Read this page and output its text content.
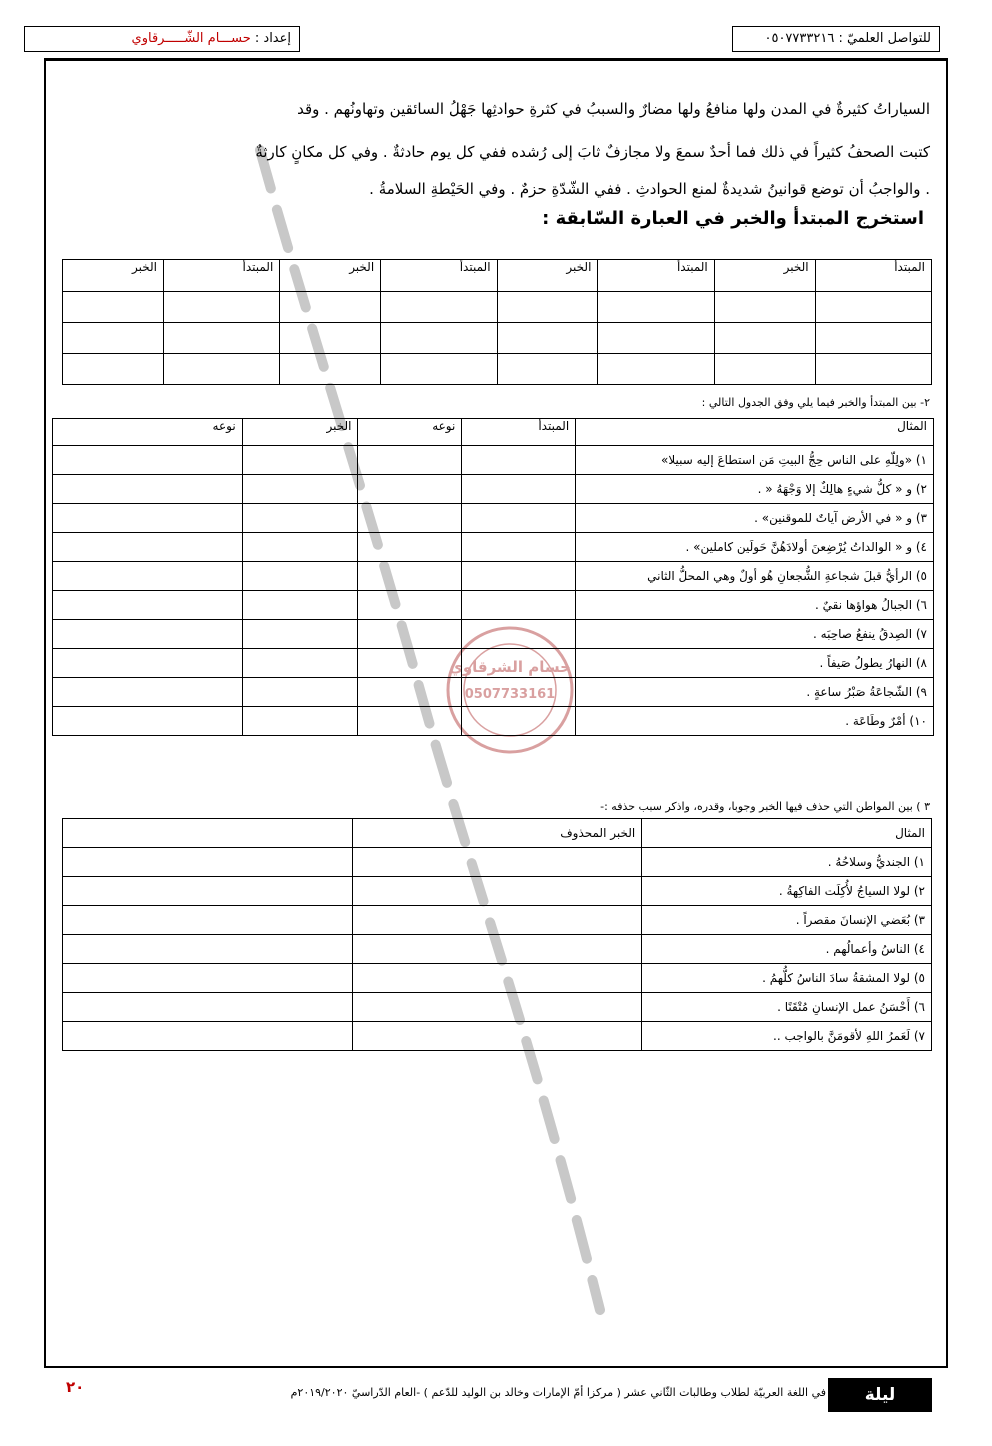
للتواصل العلميّ : ٠٥٠٧٧٣٣٢١٦
إعداد : حســـام الشّـــــرقاوي
حسام الشرقاوي
0507733161
السياراتُ كثيرةٌ في المدن ولها منافعُ ولها مضارٌ والسببُ في كثرةِ حوادثِها جَهْلُ السائقين وتهاونُهم . وقد
كتبت الصحفُ كثيراً في ذلك فما أحدٌ سمعَ ولا مجازفٌ ثابَ إلى رُشده ففي كل يوم حادثةٌ . وفي كل مكانٍ كارثةٌ
. والواجبُ أن توضع قوانينُ شديدةٌ لمنع الحوادثِ . ففي الشّدّةِ حزمٌ . وفي الحَيْطةِ السلامةُ .
استخرج المبتدأ والخبر في العبارة السّابقة :
المبتدأ	الخبر	المبتدأ	الخبر	المبتدأ	الخبر	المبتدأ	الخبر

٢- بين المبتدأ والخبر فيما يلي وفق الجدول التالي :
المثال	المبتدأ	نوعه	الخبر	نوعه
١) «ولِلّهِ على الناس حِجُّ البيتِ مَن استطاعَ إليه سبيلا»				
٢) و « كلُّ شيءٍ هالِكٌ إلا وَجْهَهُ « .				
٣) و « في الأرض آياتٌ للموقنين» .				
٤) و « الوالداتُ يُرْضِعنَ أولادَهُنَّ حَولَين كاملين» .				
٥) الرأيُّ قبلَ شجاعةِ الشُّجعانِ هُو أولٌ وهي المحلُّ الثاني				
٦) الجبالُ هواؤها نقيٌ .				
٧) الصِدقُ ينفعُ صاحِبَه .				
٨) النهارُ يطولُ صَيفاً .				
٩) الشّجاعَةُ صَبْرُ ساعةٍ .				
١٠) أمْرٌ وطَاعَة .				
٣ ) بين المواطن التي حذف فيها الخبر وجوبا، وقدره، واذكر سبب حذفه :-
المثال	الخبر المحذوف	
١) الجنديُّ وسلاحُهُ .		
٢) لولا السياجُ لأُكِلَت الفاكِهةُ .		
٣) بُعَضي الإنسانَ مقصراً .		
٤) الناسُ وأعمالُهم .		
٥) لولا المشقةُ سادَ الناسُ كلُّهمُ .		
٦) أَحْسَنُ عمل الإنسانِ مُتْقَنًا .		
٧) لَعَمرُ اللهِ لأقومَنَّ بالواجب ..		
ليلة الامتحان
في اللغة العربيّة لطلاب وطالبات الثّاني عشر ( مركزا أمّ الإمارات وخالد بن الوليد للدّعم ) -العام الدّراسيّ ٢٠١٩/٢٠٢٠م
٢٠
